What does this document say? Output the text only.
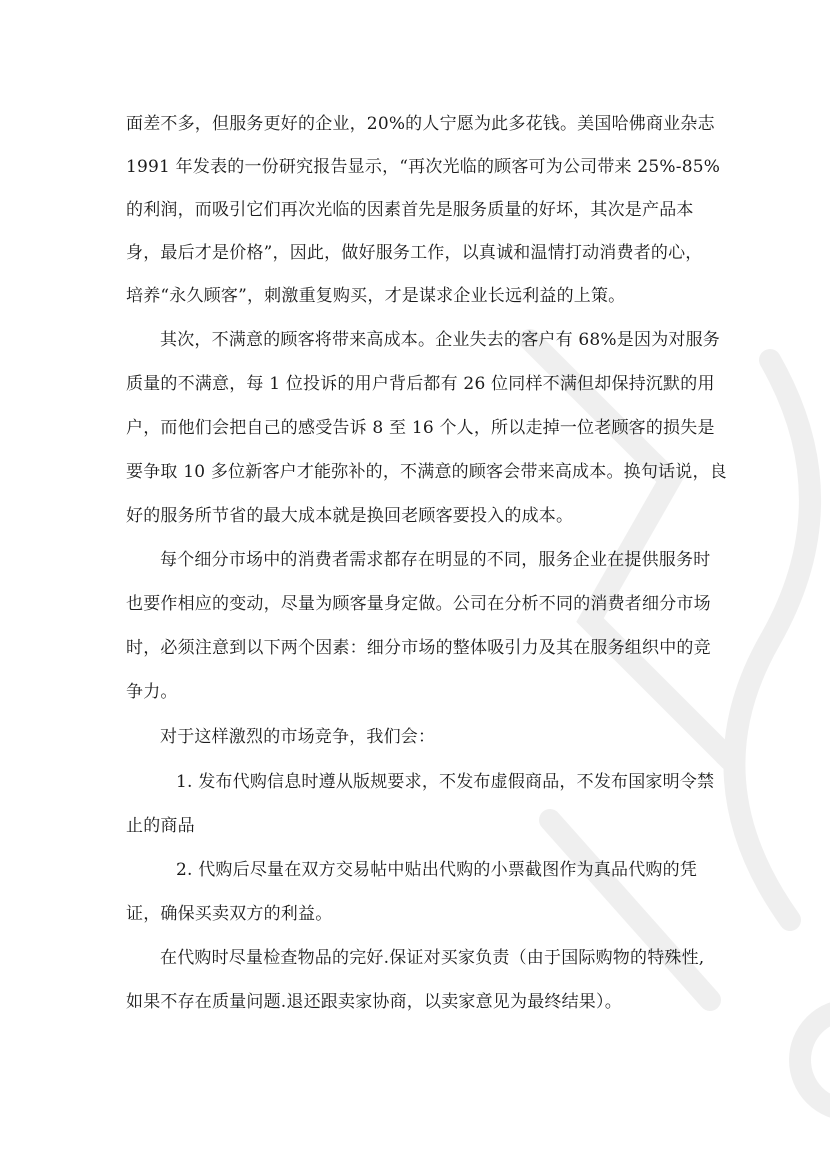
面差不多，但服务更好的企业，20%的人宁愿为此多花钱。美国哈佛商业杂志
1991 年发表的一份研究报告显示，“再次光临的顾客可为公司带来 25%-85%
的利润，而吸引它们再次光临的因素首先是服务质量的好坏，其次是产品本
身，最后才是价格”，因此，做好服务工作，以真诚和温情打动消费者的心，
培养“永久顾客”，刺激重复购买，才是谋求企业长远利益的上策。
其次，不满意的顾客将带来高成本。企业失去的客户有 68%是因为对服务
质量的不满意，每 1 位投诉的用户背后都有 26 位同样不满但却保持沉默的用
户，而他们会把自己的感受告诉 8 至 16 个人，所以走掉一位老顾客的损失是
要争取 10 多位新客户才能弥补的，不满意的顾客会带来高成本。换句话说，良
好的服务所节省的最大成本就是换回老顾客要投入的成本。
每个细分市场中的消费者需求都存在明显的不同，服务企业在提供服务时
也要作相应的变动，尽量为顾客量身定做。公司在分析不同的消费者细分市场
时，必须注意到以下两个因素：细分市场的整体吸引力及其在服务组织中的竞
争力。
对于这样激烈的市场竞争，我们会：
1. 发布代购信息时遵从版规要求，不发布虚假商品，不发布国家明令禁
止的商品
2. 代购后尽量在双方交易帖中贴出代购的小票截图作为真品代购的凭
证，确保买卖双方的利益。
在代购时尽量检查物品的完好.保证对买家负责（由于国际购物的特殊性,
如果不存在质量问题.退还跟卖家协商，以卖家意见为最终结果）。
